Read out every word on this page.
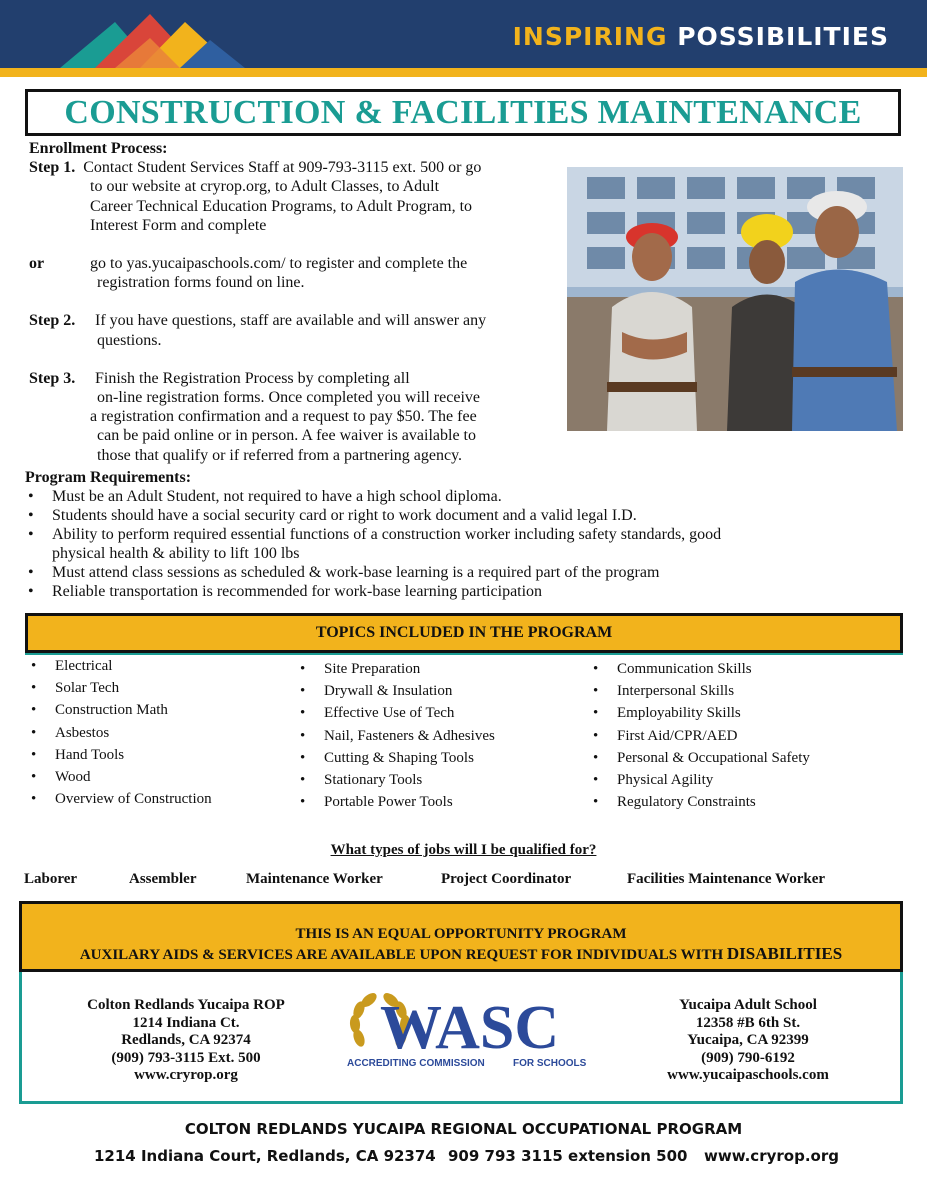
INSPIRING POSSIBILITIES
CONSTRUCTION & FACILITIES MAINTENANCE
Enrollment Process:
Step 1. Contact Student Services Staff at 909-793-3115 ext. 500 or go
to our website at cryrop.org, to Adult Classes, to Adult
Career Technical Education Programs, to Adult Program, to
Interest Form and complete
or	go to yas.yucaipaschools.com/ to register and complete the
registration forms found on line.
Step 2. If you have questions, staff are available and will answer any
questions.
Step 3. Finish the Registration Process by completing all
on-line registration forms. Once completed you will receive
a registration confirmation and a request to pay $50. The fee
can be paid online or in person. A fee waiver is available to
those that qualify or if referred from a partnering agency.
Program Requirements:
• Must be an Adult Student, not required to have a high school diploma.
• Students should have a social security card or right to work document and a valid legal I.D.
• Ability to perform required essential functions of a construction worker including safety standards, good
physical health & ability to lift 100 lbs
• Must attend class sessions as scheduled & work-base learning is a required part of the program
• Reliable transportation is recommended for work-base learning participation
TOPICS INCLUDED IN THE PROGRAM
• Electrical
• Solar Tech
• Construction Math
• Asbestos
• Hand Tools
• Wood
• Overview of Construction
• Site Preparation
• Drywall & Insulation
• Effective Use of Tech
• Nail, Fasteners & Adhesives
• Cutting & Shaping Tools
• Stationary Tools
• Portable Power Tools
• Communication Skills
• Interpersonal Skills
• Employability Skills
• First Aid/CPR/AED
• Personal & Occupational Safety
• Physical Agility
• Regulatory Constraints
What types of jobs will I be qualified for?
Laborer	Assembler	Maintenance Worker	Project Coordinator	Facilities Maintenance Worker
THIS IS AN EQUAL OPPORTUNITY PROGRAM
AUXILARY AIDS & SERVICES ARE AVAILABLE UPON REQUEST FOR INDIVIDUALS WITH DISABILITIES
Colton Redlands Yucaipa ROP
1214 Indiana Ct.
Redlands, CA 92374
(909) 793-3115 Ext. 500
www.cryrop.org
WASC
ACCREDITING COMMISSION	FOR SCHOOLS
Yucaipa Adult School
12358 #B 6th St.
Yucaipa, CA 92399
(909) 790-6192
www.yucaipaschools.com
COLTON REDLANDS YUCAIPA REGIONAL OCCUPATIONAL PROGRAM
1214 Indiana Court, Redlands, CA 92374 909 793 3115 extension 500 www.cryrop.org
